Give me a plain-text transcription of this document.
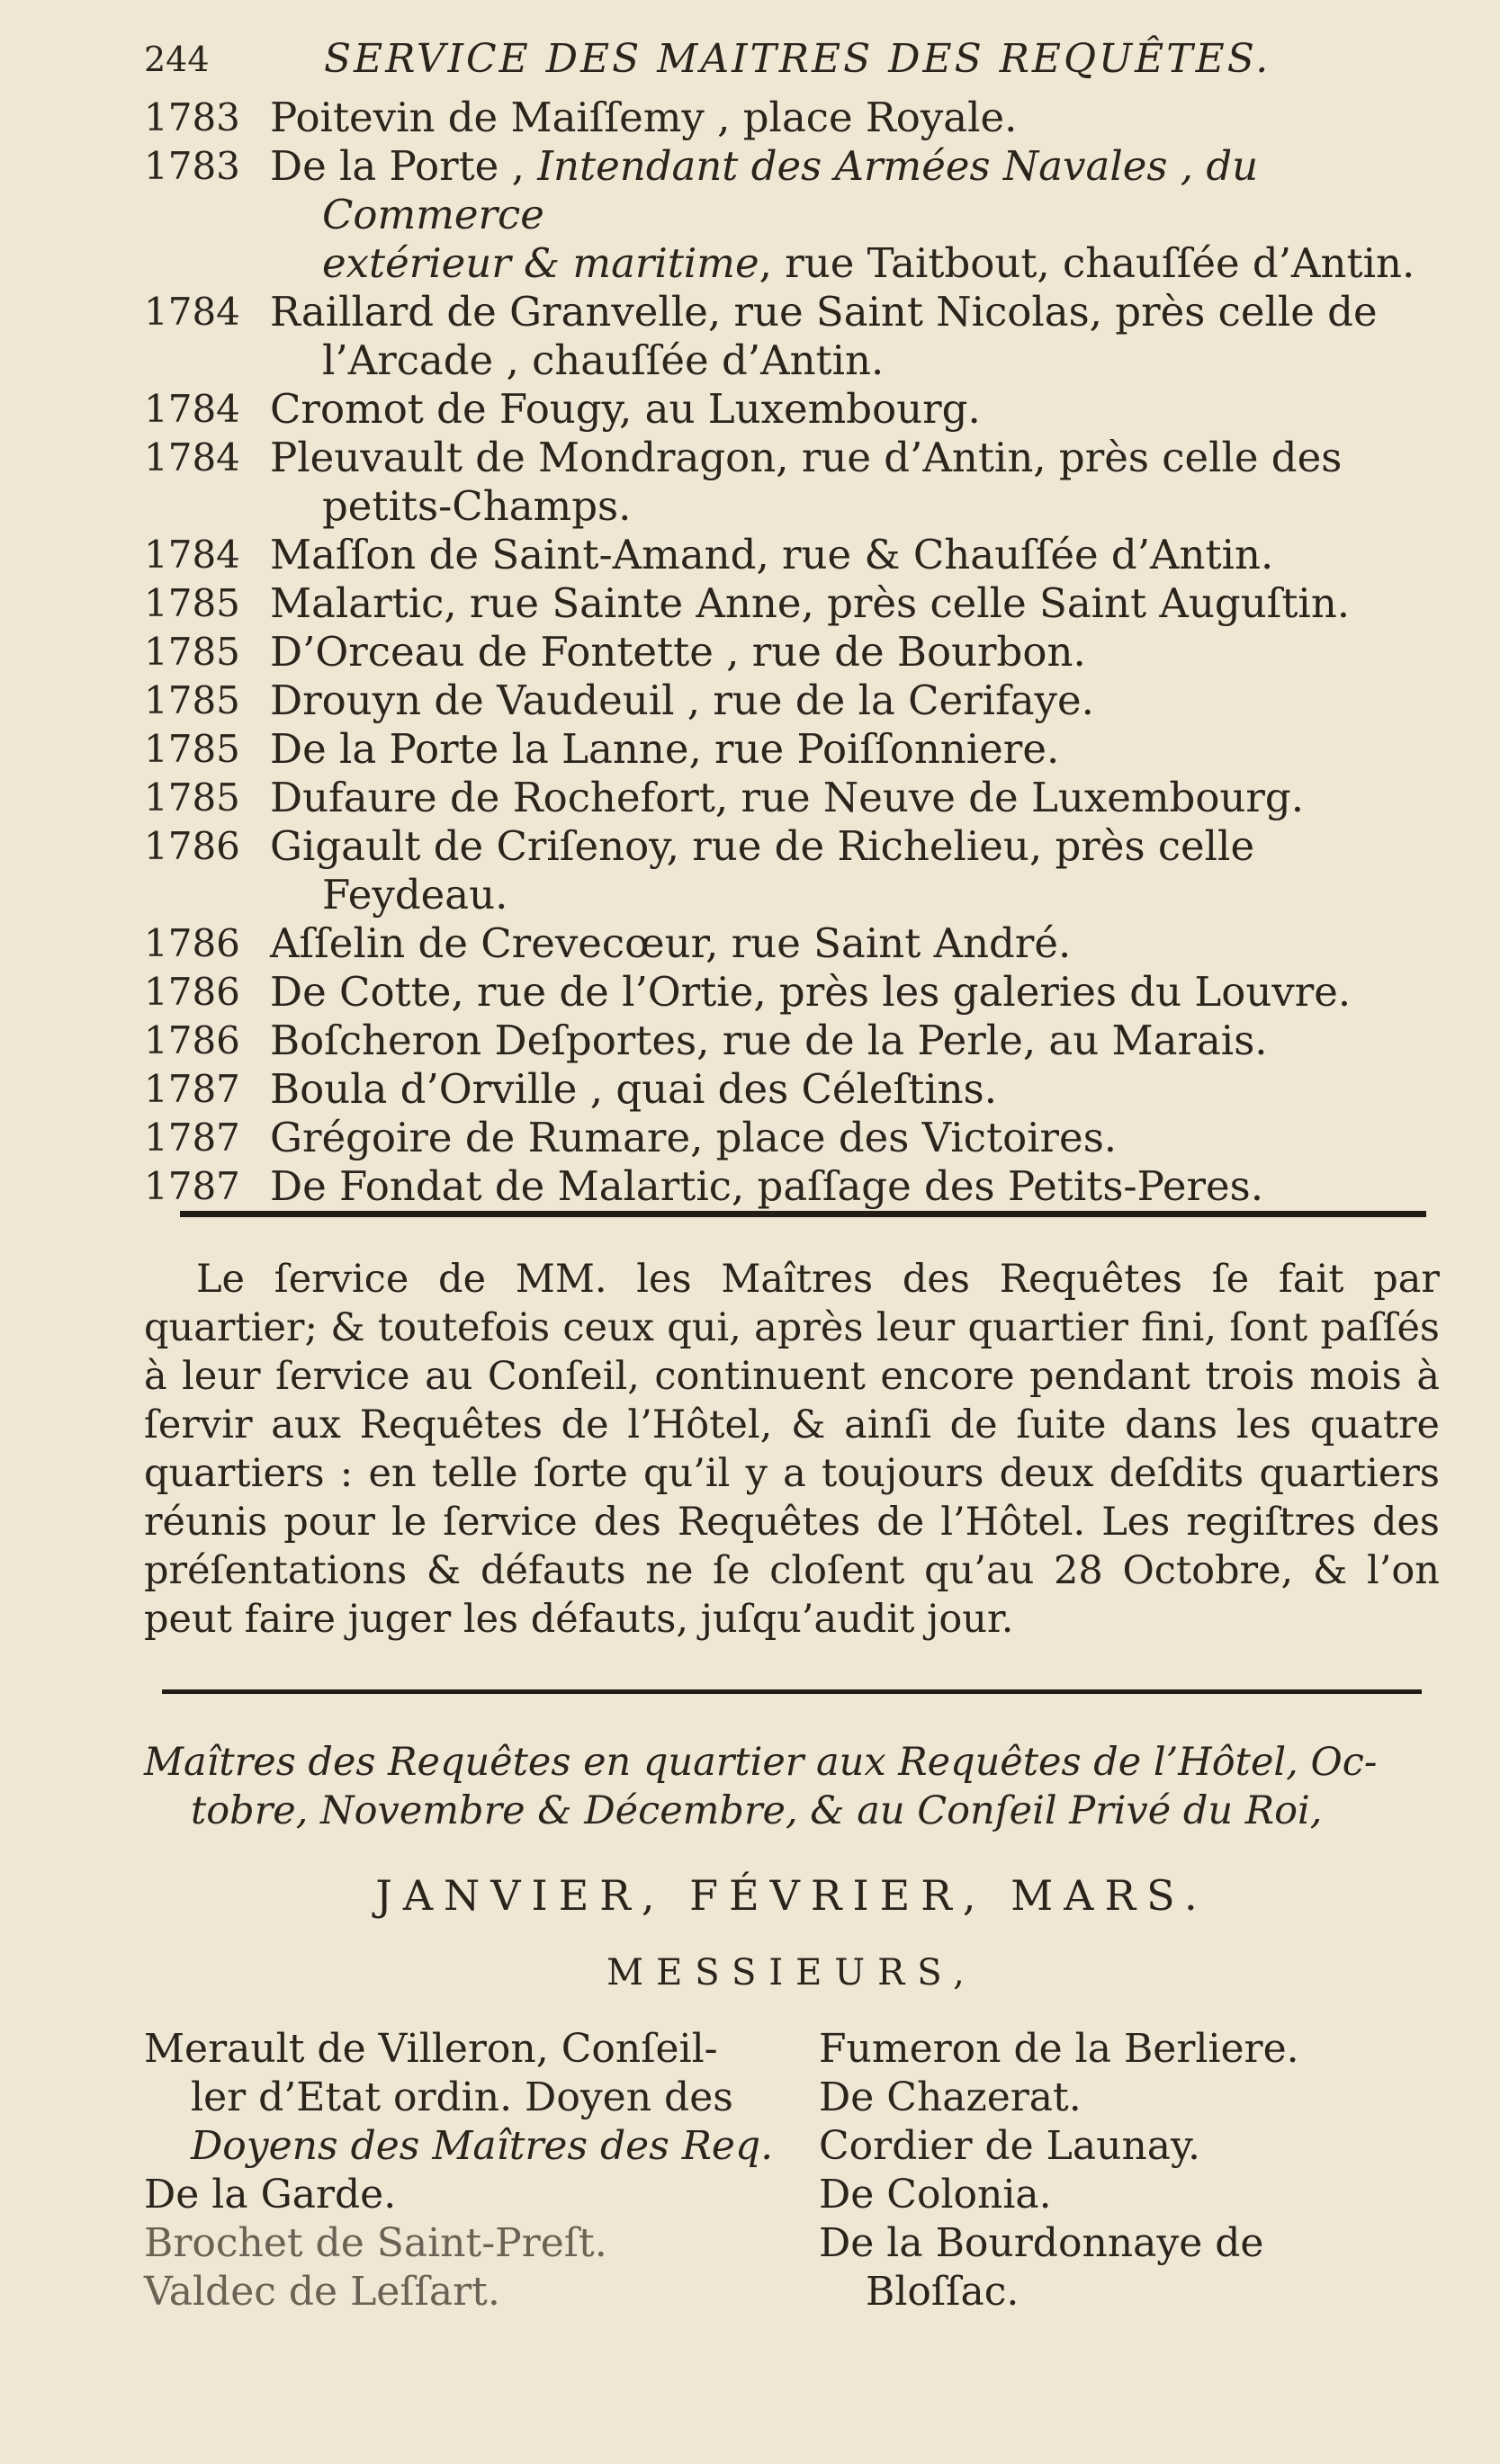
244	SERVICE DES MAITRES DES REQUÊTES.
1783 Poitevin de Maiſſemy , place Royale.
1783 De la Porte , Intendant des Armées Navales , du Commerce
extérieur & maritime, rue Taitbout, chauſſée d’Antin.
1784 Raillard de Granvelle, rue Saint Nicolas, près celle de
l’Arcade , chauſſée d’Antin.
1784 Cromot de Fougy, au Luxembourg.
1784 Pleuvault de Mondragon, rue d’Antin, près celle des
petits-Champs.
1784 Maſſon de Saint-Amand, rue & Chauſſée d’Antin.
1785 Malartic, rue Sainte Anne, près celle Saint Auguſtin.
1785 D’Orceau de Fontette , rue de Bourbon.
1785 Drouyn de Vaudeuil , rue de la Cerifaye.
1785 De la Porte la Lanne, rue Poiſſonniere.
1785 Dufaure de Rochefort, rue Neuve de Luxembourg.
1786 Gigault de Criſenoy, rue de Richelieu, près celle
Feydeau.
1786 Aſſelin de Crevecœur, rue Saint André.
1786 De Cotte, rue de l’Ortie, près les galeries du Louvre.
1786 Boſcheron Deſportes, rue de la Perle, au Marais.
1787 Boula d’Orville , quai des Céleſtins.
1787 Grégoire de Rumare, place des Victoires.
1787 De Fondat de Malartic, paſſage des Petits-Peres.

Le ſervice de MM. les Maîtres des Requêtes ſe fait par quartier; & toutefois ceux qui, après leur quartier fini, ſont paſſés à leur ſervice au Conſeil, continuent encore pendant trois mois à ſervir aux Requêtes de l’Hôtel, & ainſi de ſuite dans les quatre quartiers : en telle ſorte qu’il y a toujours deux deſdits quartiers réunis pour le ſervice des Requêtes de l’Hôtel. Les regiſtres des préſentations & défauts ne ſe cloſent qu’au 28 Octobre, & l’on peut faire juger les défauts, juſqu’audit jour.

Maîtres des Requêtes en quartier aux Requêtes de l’Hôtel, Oc-
tobre, Novembre & Décembre, & au Conſeil Privé du Roi,

JANVIER, FÉVRIER, MARS.
MESSIEURS,
Merault de Villeron, Conſeil-
ler d’Etat ordin. Doyen des
Doyens des Maîtres des Req.
De la Garde.
Brochet de Saint-Preſt.
Valdec de Leſſart.
Fumeron de la Berliere.
De Chazerat.
Cordier de Launay.
De Colonia.
De la Bourdonnaye de
Bloſſac.
